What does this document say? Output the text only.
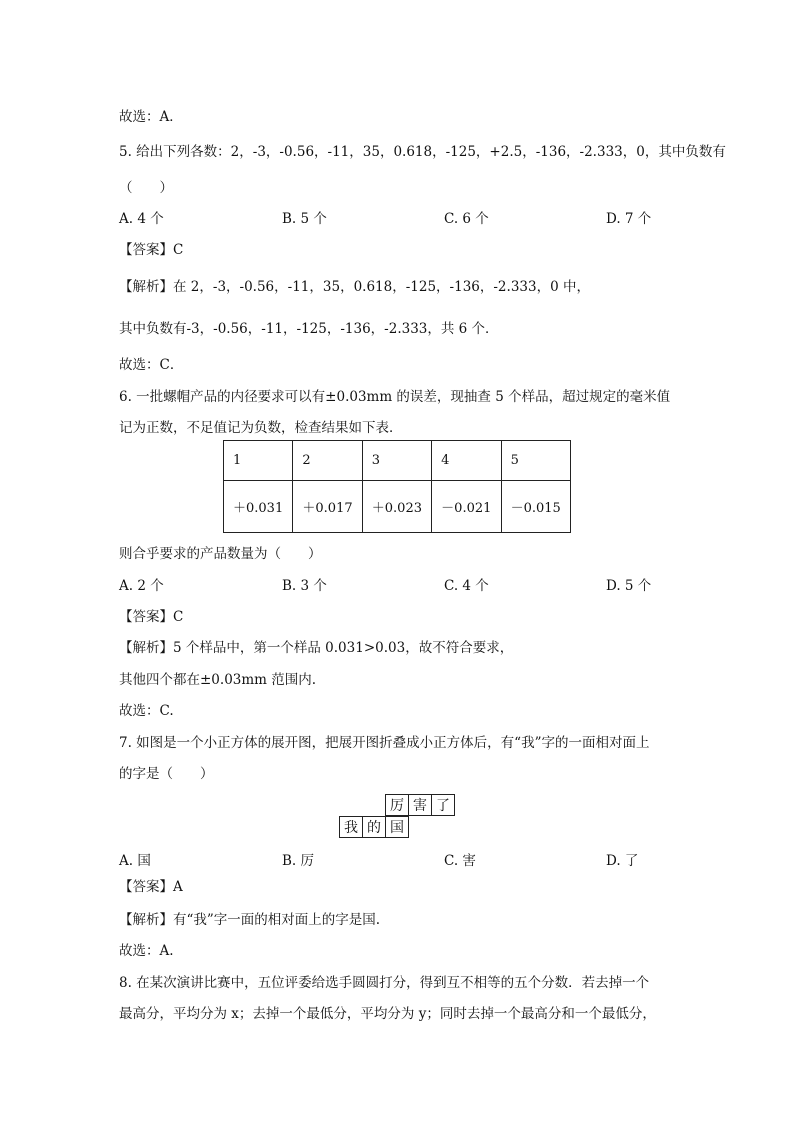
故选：A．
5. 给出下列各数：2，-3，-0.56，-11，35，0.618，-125，+2.5，-136，-2.333，0，其中负数有
（　　）
A. 4 个	B. 5 个	C. 6 个	D. 7 个
【答案】C
【解析】在 2，-3，-0.56，-11，35，0.618，-125，-136，-2.333，0 中，
其中负数有-3，-0.56，-11，-125，-136，-2.333，共 6 个．
故选：C．
6. 一批螺帽产品的内径要求可以有±0.03mm 的误差，现抽查 5 个样品，超过规定的毫米值
记为正数，不足值记为负数，检查结果如下表．
1	2	3	4	5
＋0.031	＋0.017	＋0.023	－0.021	－0.015
则合乎要求的产品数量为（　　）
A. 2 个	B. 3 个	C. 4 个	D. 5 个
【答案】C
【解析】5 个样品中，第一个样品 0.031>0.03，故不符合要求，
其他四个都在±0.03mm 范围内.
故选：C.
7. 如图是一个小正方体的展开图，把展开图折叠成小正方体后，有“我”字的一面相对面上
的字是（　　）
厉	害	了
我	的	国
A. 国	B. 厉	C. 害	D. 了
【答案】A
【解析】有“我”字一面的相对面上的字是国.
故选：A.
8. 在某次演讲比赛中，五位评委给选手圆圆打分，得到互不相等的五个分数．若去掉一个
最高分，平均分为 x；去掉一个最低分，平均分为 y；同时去掉一个最高分和一个最低分，
